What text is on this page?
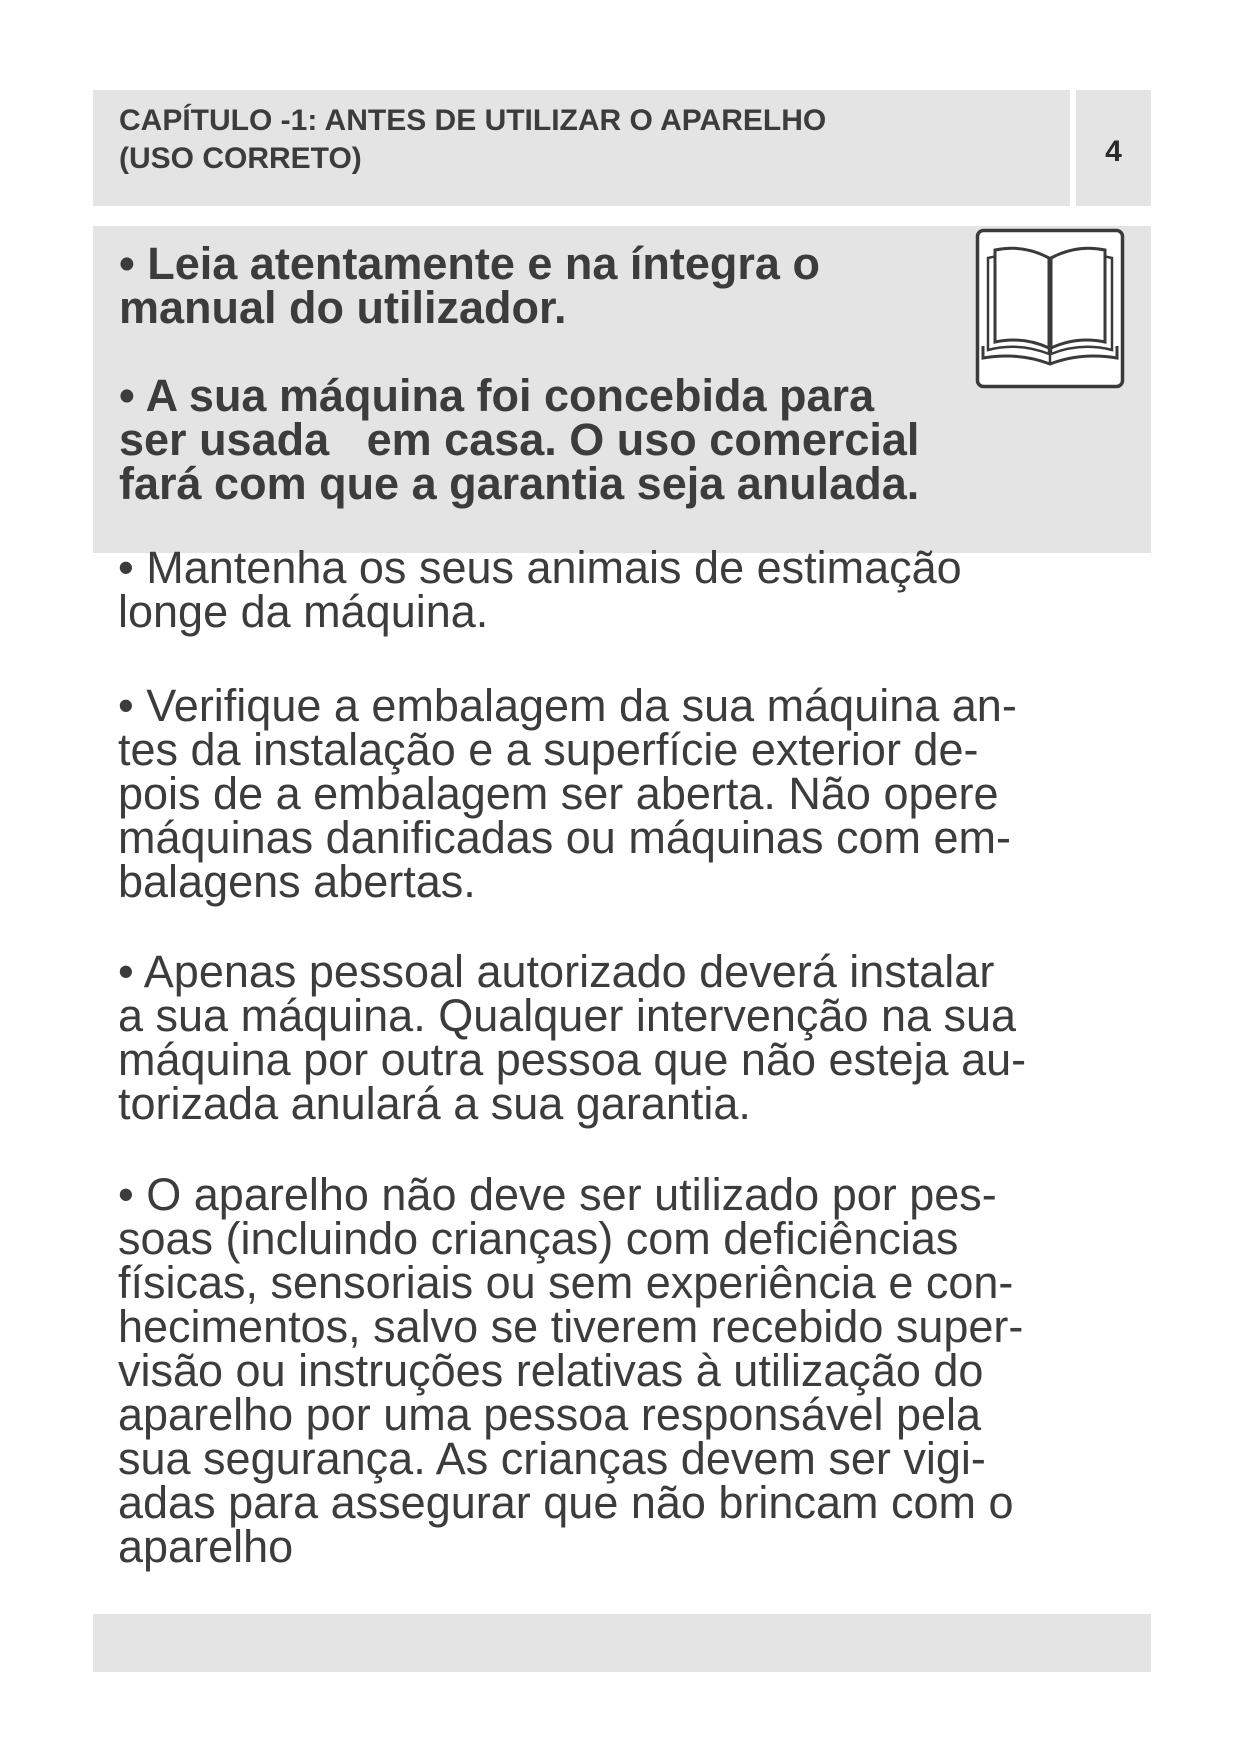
CAPÍTULO -1: ANTES DE UTILIZAR O APARELHO
(USO CORRETO)	4
• Leia atentamente e na íntegra o
manual do utilizador.
• A sua máquina foi concebida para
ser usada   em casa. O uso comercial
fará com que a garantia seja anulada.
• Mantenha os seus animais de estimação
longe da máquina.
• Verifique a embalagem da sua máquina an-
tes da instalação e a superfície exterior de-
pois de a embalagem ser aberta. Não opere
máquinas danificadas ou máquinas com em-
balagens abertas.
• Apenas pessoal autorizado deverá instalar
a sua máquina. Qualquer intervenção na sua
máquina por outra pessoa que não esteja au-
torizada anulará a sua garantia.
• O aparelho não deve ser utilizado por pes-
soas (incluindo crianças) com deficiências
físicas, sensoriais ou sem experiência e con-
hecimentos, salvo se tiverem recebido super-
visão ou instruções relativas à utilização do
aparelho por uma pessoa responsável pela
sua segurança. As crianças devem ser vigi-
adas para assegurar que não brincam com o
aparelho
